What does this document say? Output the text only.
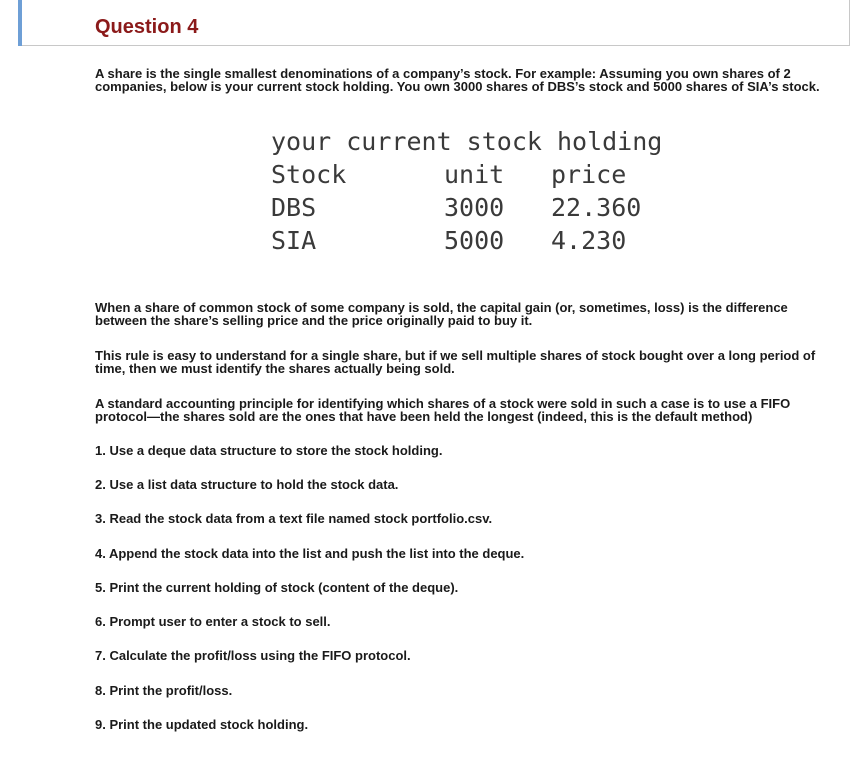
Question 4

A share is the single smallest denominations of a company’s stock. For example: Assuming you own shares of 2 companies, below is your current stock holding. You own 3000 shares of DBS’s stock and 5000 shares of SIA’s stock.

your current stock holding
Stock	unit	price
DBS	3000	22.360
SIA	5000	4.230

When a share of common stock of some company is sold, the capital gain (or, sometimes, loss) is the difference between the share’s selling price and the price originally paid to buy it.

This rule is easy to understand for a single share, but if we sell multiple shares of stock bought over a long period of time, then we must identify the shares actually being sold.

A standard accounting principle for identifying which shares of a stock were sold in such a case is to use a FIFO protocol—the shares sold are the ones that have been held the longest (indeed, this is the default method)

1. Use a deque data structure to store the stock holding.
2. Use a list data structure to hold the stock data.
3. Read the stock data from a text file named stock portfolio.csv.
4. Append the stock data into the list and push the list into the deque.
5. Print the current holding of stock (content of the deque).
6. Prompt user to enter a stock to sell.
7. Calculate the profit/loss using the FIFO protocol.
8. Print the profit/loss.
9. Print the updated stock holding.
